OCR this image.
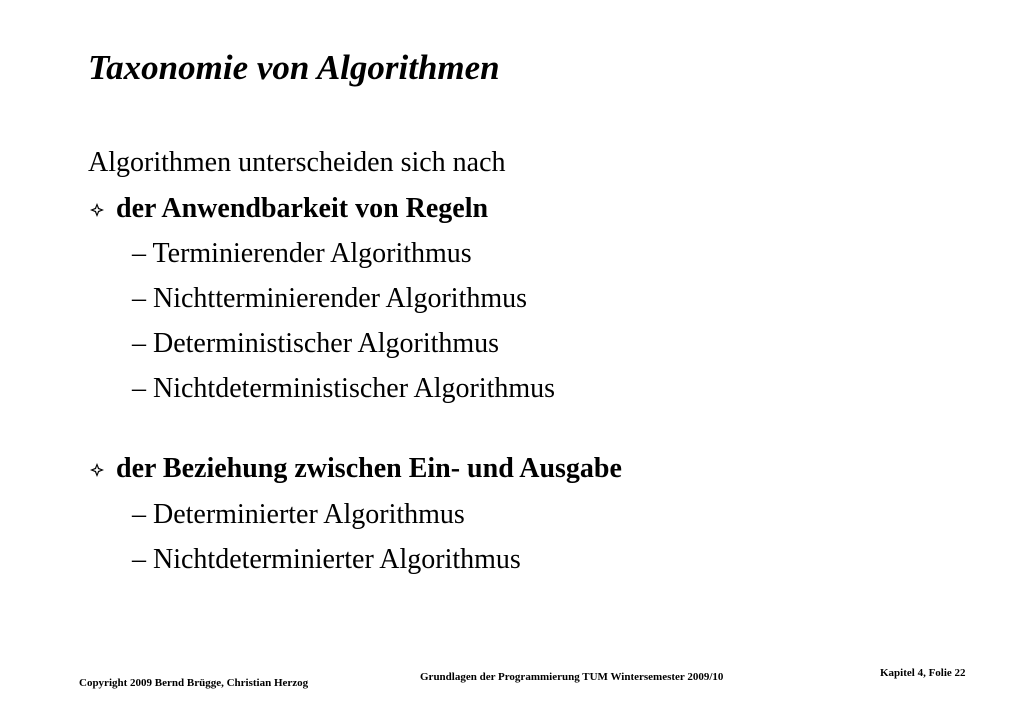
Taxonomie von Algorithmen
Algorithmen unterscheiden sich nach
der Anwendbarkeit von Regeln
– Terminierender Algorithmus
– Nichtterminierender Algorithmus
– Deterministischer Algorithmus
– Nichtdeterministischer Algorithmus
der Beziehung zwischen Ein- und Ausgabe
– Determinierter Algorithmus
– Nichtdeterminierter Algorithmus
Copyright 2009 Bernd Brügge, Christian Herzog	Grundlagen der Programmierung TUM Wintersemester 2009/10	Kapitel 4, Folie 22
